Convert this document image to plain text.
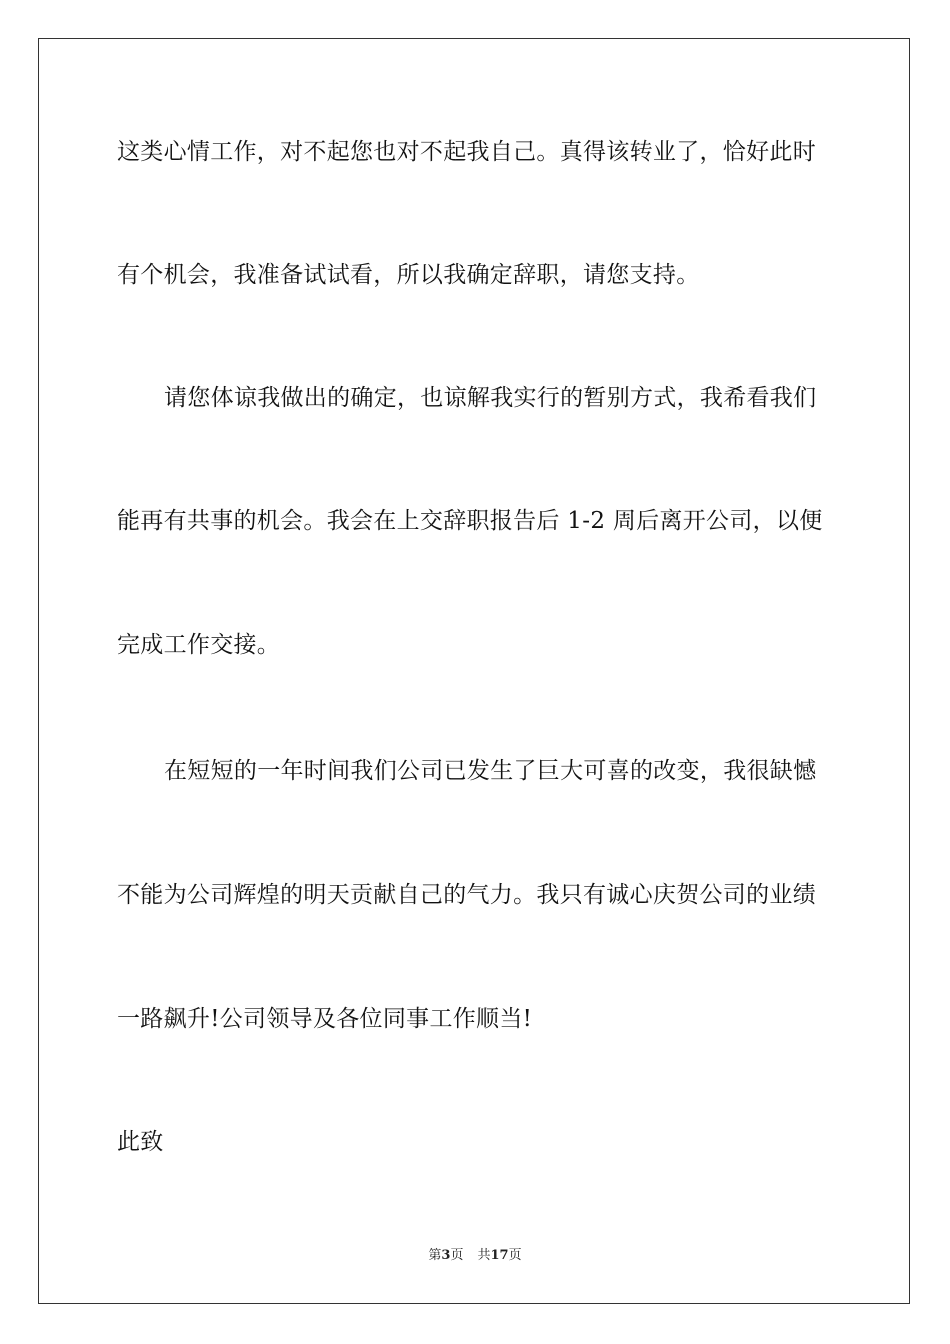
这类心情工作，对不起您也对不起我自己。真得该转业了，恰好此时
有个机会，我准备试试看，所以我确定辞职，请您支持。
请您体谅我做出的确定，也谅解我实行的暂别方式，我希看我们
能再有共事的机会。我会在上交辞职报告后 1-2 周后离开公司，以便
完成工作交接。
在短短的一年时间我们公司已发生了巨大可喜的改变，我很缺憾
不能为公司辉煌的明天贡献自己的气力。我只有诚心庆贺公司的业绩
一路飙升!公司领导及各位同事工作顺当!
此致
第3页 共17页
